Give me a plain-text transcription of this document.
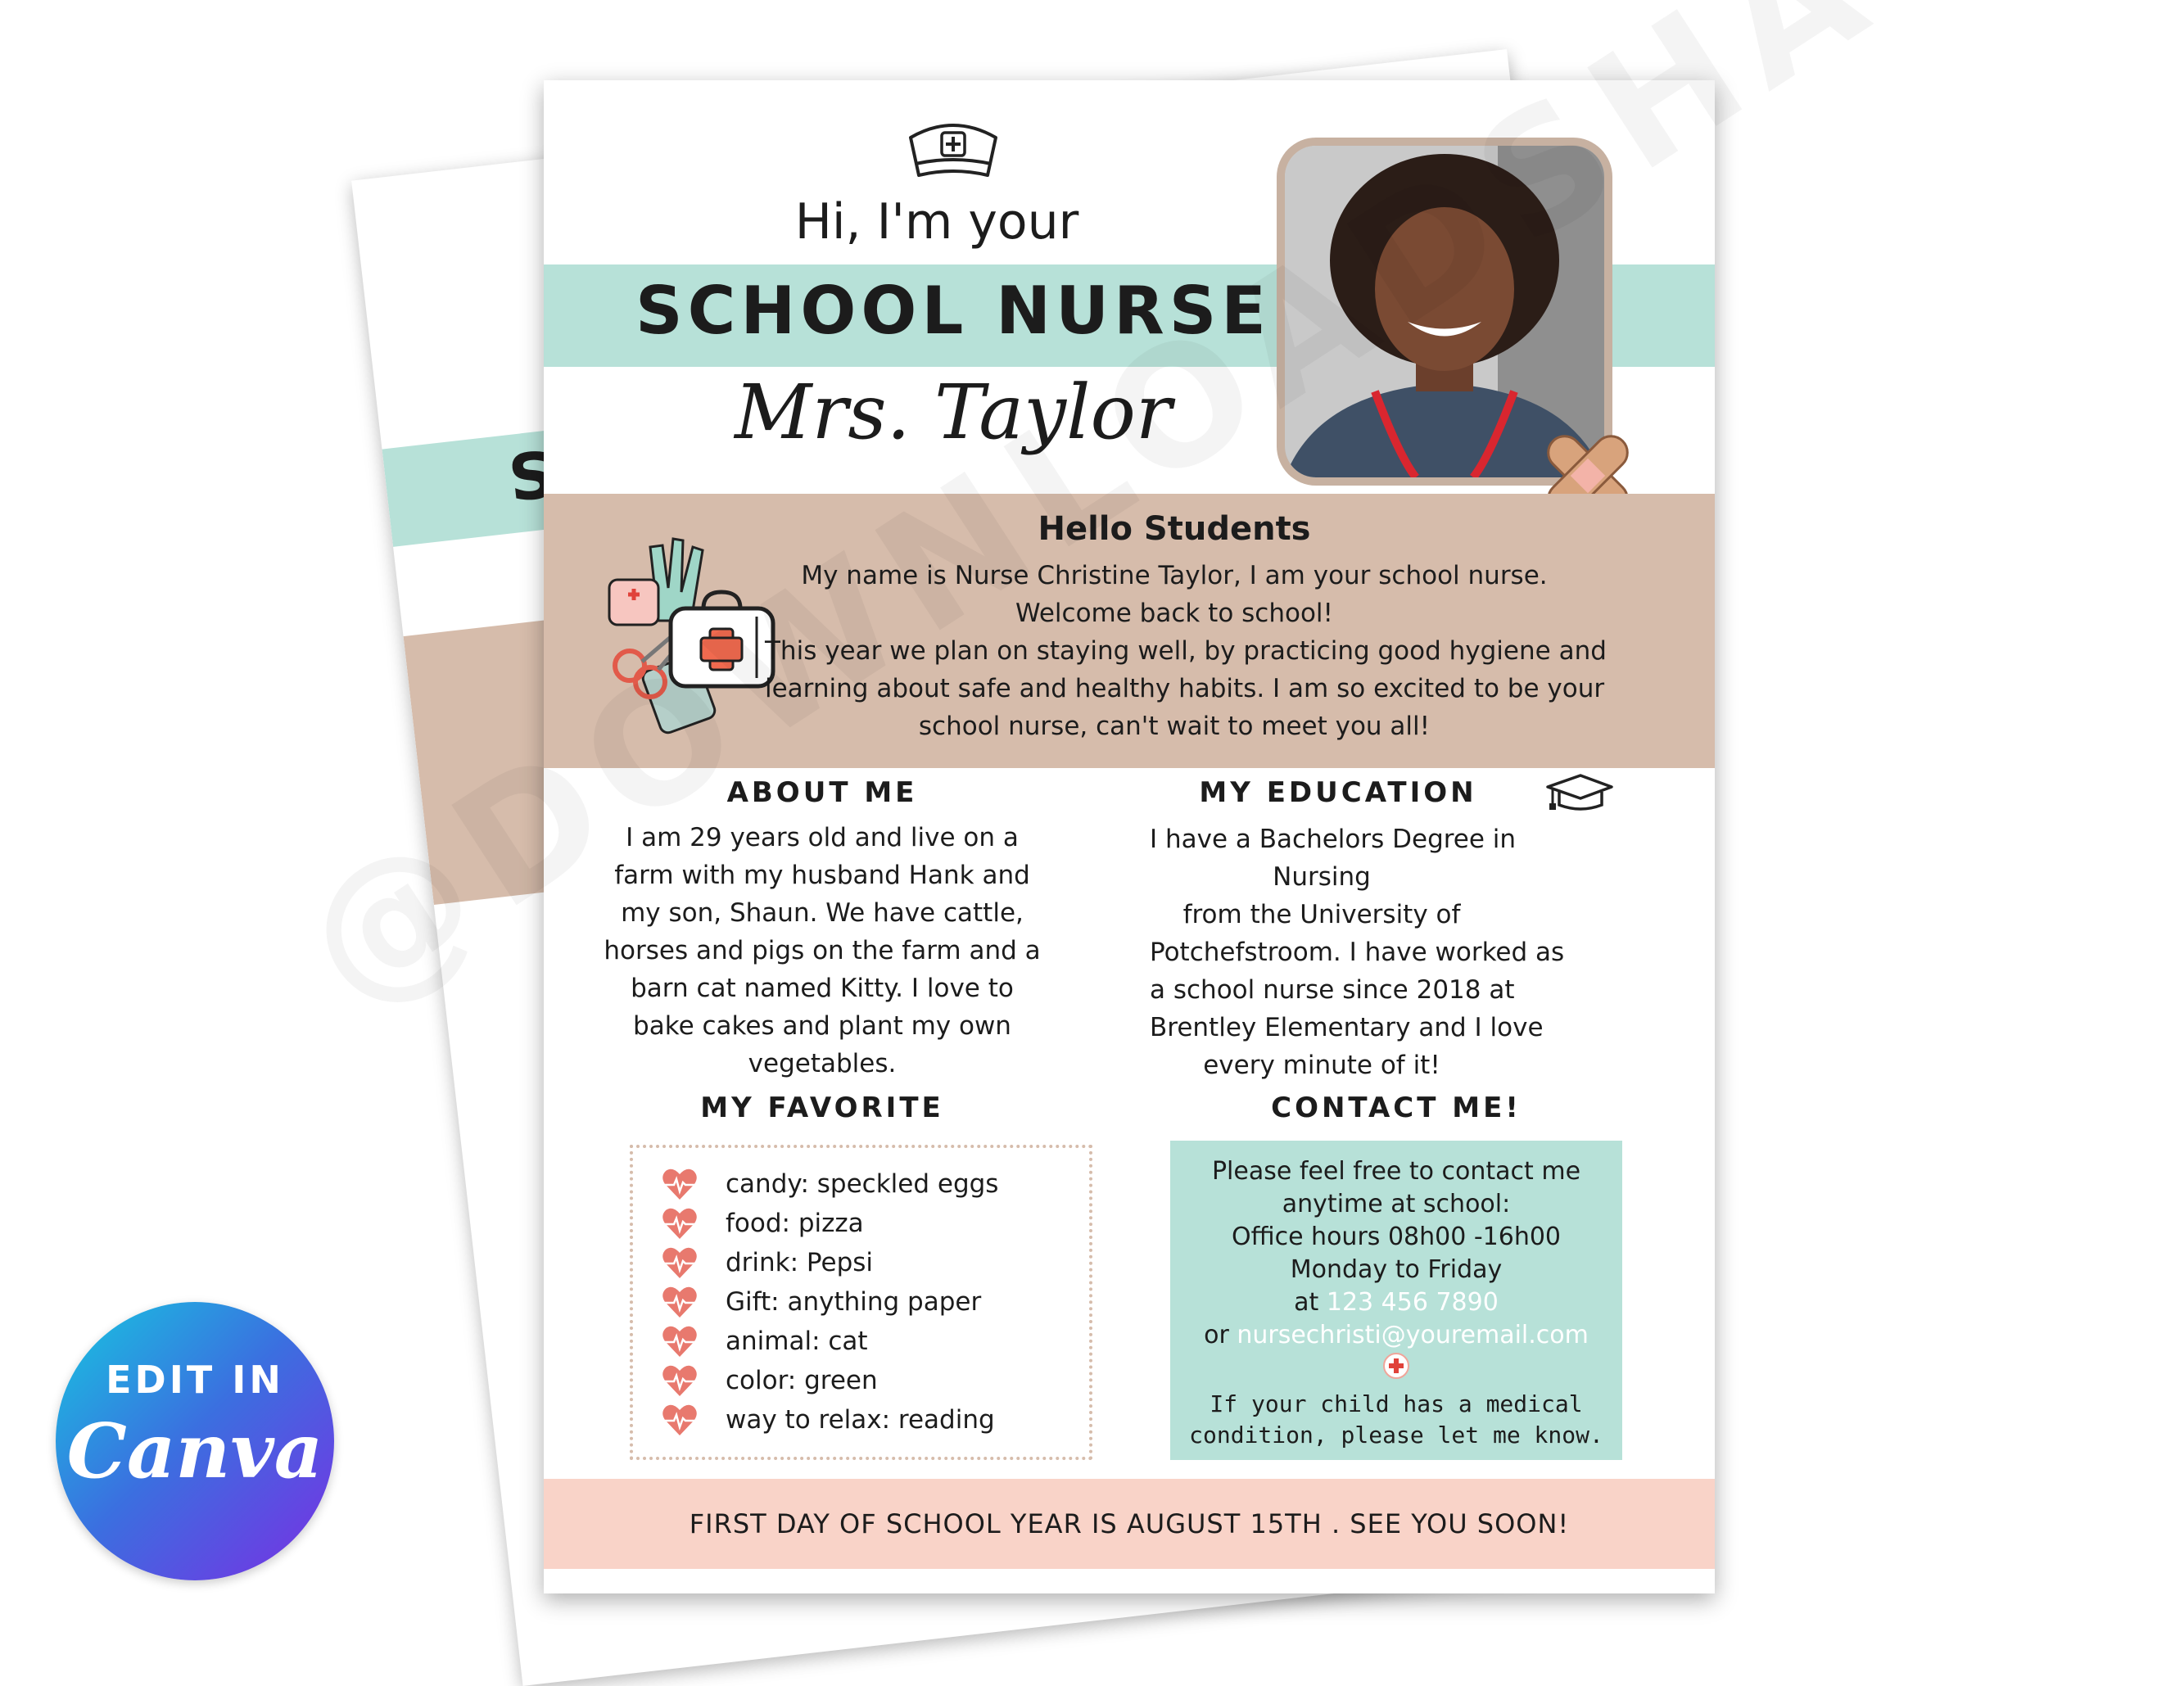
Hi, I'm your
SCHOOL NURSE
Mrs. Taylor
Hello Students
My name is Nurse Christine Taylor, I am your school nurse.
Welcome back to school!
This year we plan on staying well, by practicing good hygiene and
learning about safe and healthy habits. I am so excited to be your
school nurse, can't wait to meet you all!
ABOUT ME
I am 29 years old and live on a
farm with my husband Hank and
my son, Shaun. We have cattle,
horses and pigs on the farm and a
barn cat named Kitty. I love to
bake cakes and plant my own
vegetables.
MY EDUCATION
I have a Bachelors Degree in
Nursing
from the University of
Potchefstroom. I have worked as
a school nurse since 2018 at
Brentley Elementary and I love
every minute of it!
MY FAVORITE
candy: speckled eggs
food: pizza
drink: Pepsi
Gift: anything paper
animal: cat
color: green
way to relax: reading
CONTACT ME!
Please feel free to contact me
anytime at school:
Office hours 08h00 -16h00
Monday to Friday
at 123 456 7890
or nursechristi@youremail.com
If your child has a medical
condition, please let me know.
FIRST DAY OF SCHOOL YEAR IS AUGUST 15TH . SEE YOU SOON!
EDIT IN
Canva
